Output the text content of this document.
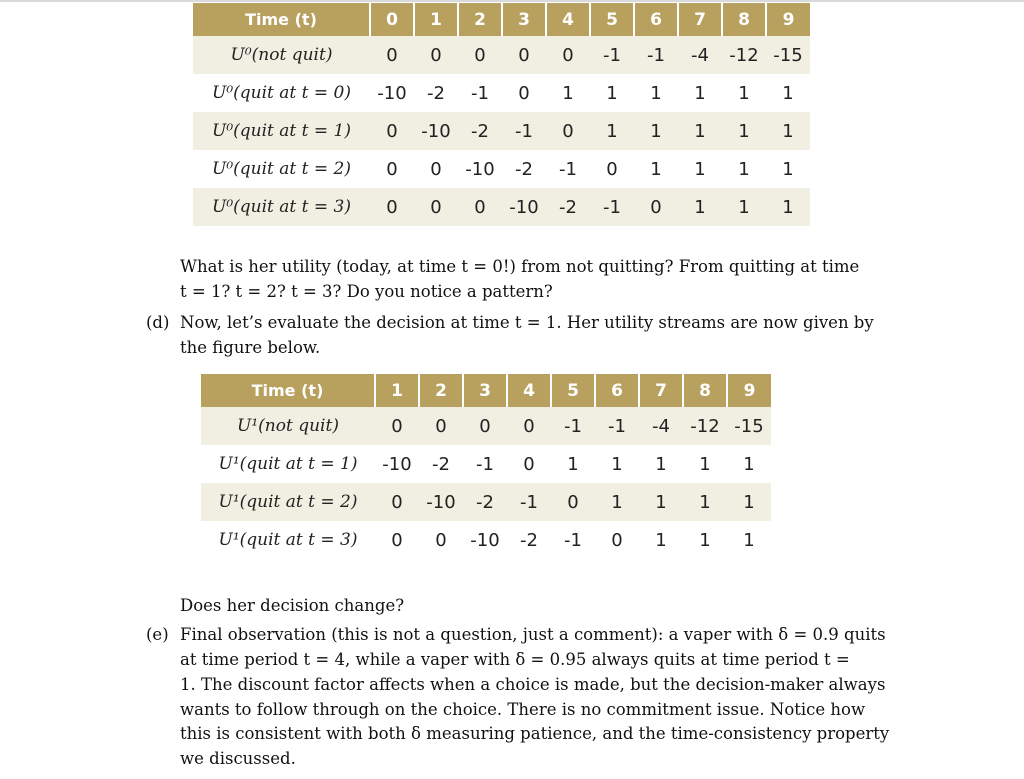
Time (t)	0	1	2	3	4	5	6	7	8	9
U⁰(not quit)	0	0	0	0	0	-1	-1	-4	-12	-15
U⁰(quit at t = 0)	-10	-2	-1	0	1	1	1	1	1	1
U⁰(quit at t = 1)	0	-10	-2	-1	0	1	1	1	1	1
U⁰(quit at t = 2)	0	0	-10	-2	-1	0	1	1	1	1
U⁰(quit at t = 3)	0	0	0	-10	-2	-1	0	1	1	1
What is her utility (today, at time t = 0!) from not quitting? From quitting at time
t = 1? t = 2? t = 3? Do you notice a pattern?
(d) Now, let’s evaluate the decision at time t = 1. Her utility streams are now given by
the figure below.
Time (t)	1	2	3	4	5	6	7	8	9
U¹(not quit)	0	0	0	0	-1	-1	-4	-12	-15
U¹(quit at t = 1)	-10	-2	-1	0	1	1	1	1	1
U¹(quit at t = 2)	0	-10	-2	-1	0	1	1	1	1
U¹(quit at t = 3)	0	0	-10	-2	-1	0	1	1	1
Does her decision change?
(e) Final observation (this is not a question, just a comment): a vaper with δ = 0.9 quits
at time period t = 4, while a vaper with δ = 0.95 always quits at time period t =
1. The discount factor affects when a choice is made, but the decision-maker always
wants to follow through on the choice. There is no commitment issue. Notice how
this is consistent with both δ measuring patience, and the time-consistency property
we discussed.
